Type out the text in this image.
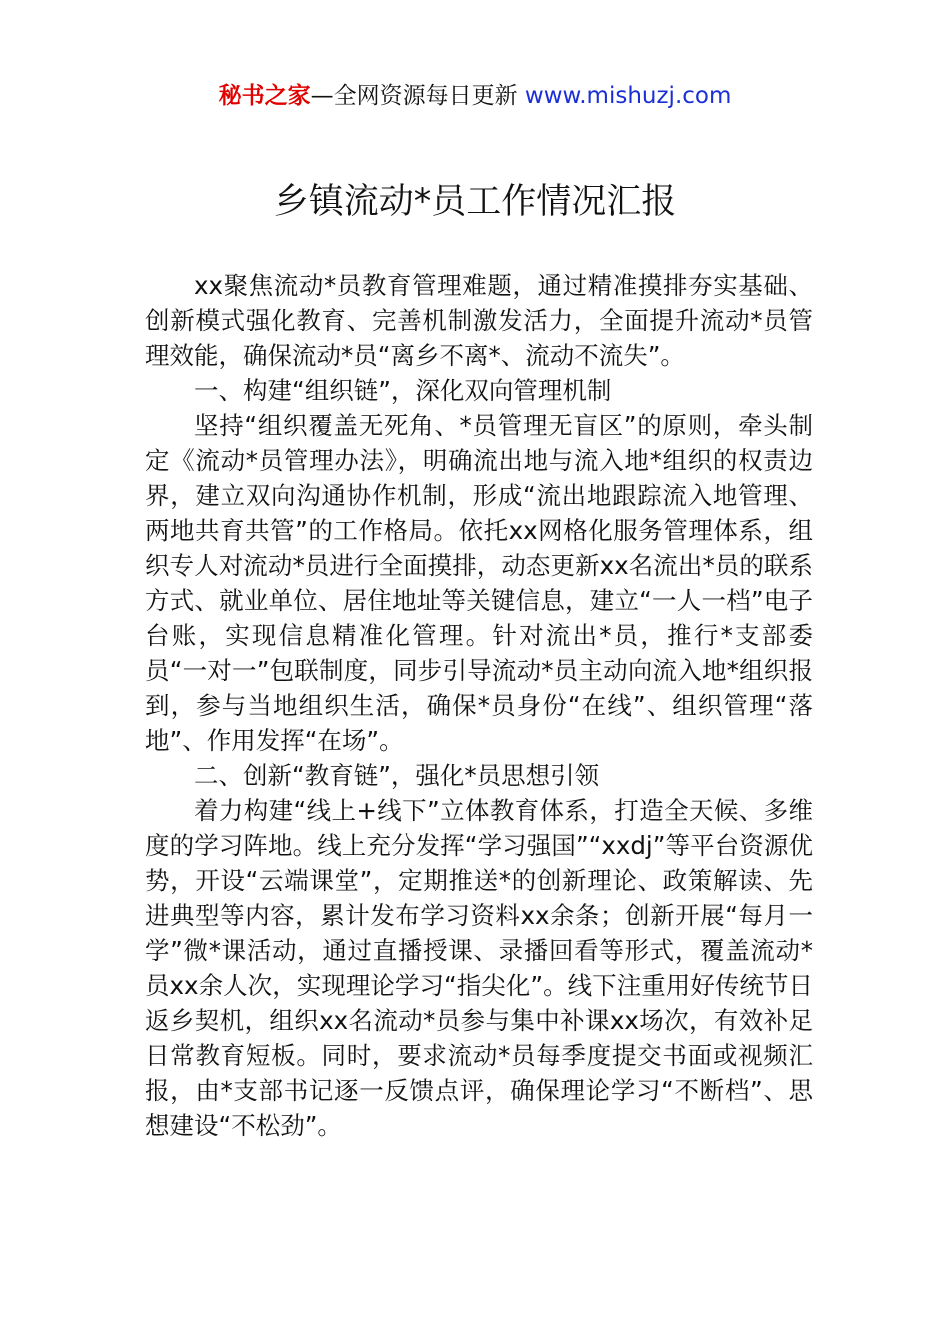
秘书之家—全网资源每日更新 www.mishuzj.com
乡镇流动*员工作情况汇报

xx聚焦流动*员教育管理难题，通过精准摸排夯实基础、创新模式强化教育、完善机制激发活力，全面提升流动*员管理效能，确保流动*员“离乡不离*、流动不流失”。

一、构建“组织链”，深化双向管理机制

坚持“组织覆盖无死角、*员管理无盲区”的原则，牵头制定《流动*员管理办法》，明确流出地与流入地*组织的权责边界，建立双向沟通协作机制，形成“流出地跟踪流入地管理、两地共育共管”的工作格局。依托xx网格化服务管理体系，组织专人对流动*员进行全面摸排，动态更新xx名流出*员的联系方式、就业单位、居住地址等关键信息，建立“一人一档”电子台账，实现信息精准化管理。针对流出*员，推行*支部委员“一对一”包联制度，同步引导流动*员主动向流入地*组织报到，参与当地组织生活，确保*员身份“在线”、组织管理“落地”、作用发挥“在场”。

二、创新“教育链”，强化*员思想引领

着力构建“线上+线下”立体教育体系，打造全天候、多维度的学习阵地。线上充分发挥“学习强国”“xxdj”等平台资源优势，开设“云端课堂”，定期推送*的创新理论、政策解读、先进典型等内容，累计发布学习资料xx余条；创新开展“每月一学”微*课活动，通过直播授课、录播回看等形式，覆盖流动*员xx余人次，实现理论学习“指尖化”。线下注重用好传统节日返乡契机，组织xx名流动*员参与集中补课xx场次，有效补足日常教育短板。同时，要求流动*员每季度提交书面或视频汇报，由*支部书记逐一反馈点评，确保理论学习“不断档”、思想建设“不松劲”。
